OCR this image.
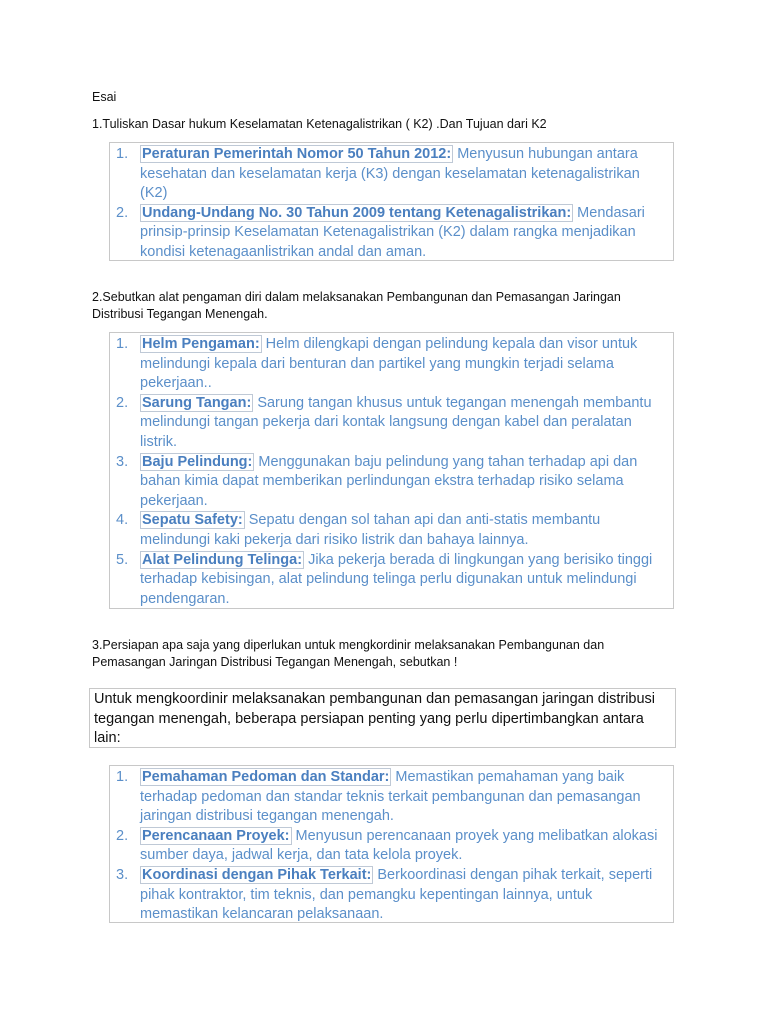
Esai

1.Tuliskan Dasar hukum Keselamatan Ketenagalistrikan ( K2) .Dan Tujuan dari K2

1. Peraturan Pemerintah Nomor 50 Tahun 2012: Menyusun hubungan antara kesehatan dan keselamatan kerja (K3) dengan keselamatan ketenagalistrikan (K2)
2. Undang-Undang No. 30 Tahun 2009 tentang Ketenagalistrikan: Mendasari prinsip-prinsip Keselamatan Ketenagalistrikan (K2) dalam rangka menjadikan kondisi ketenagaanlistrikan andal dan aman.

2.Sebutkan alat pengaman diri dalam melaksanakan Pembangunan dan Pemasangan Jaringan

Distribusi Tegangan Menengah.

1. Helm Pengaman: Helm dilengkapi dengan pelindung kepala dan visor untuk melindungi kepala dari benturan dan partikel yang mungkin terjadi selama pekerjaan..
2. Sarung Tangan: Sarung tangan khusus untuk tegangan menengah membantu melindungi tangan pekerja dari kontak langsung dengan kabel dan peralatan listrik.
3. Baju Pelindung: Menggunakan baju pelindung yang tahan terhadap api dan bahan kimia dapat memberikan perlindungan ekstra terhadap risiko selama pekerjaan.
4. Sepatu Safety: Sepatu dengan sol tahan api dan anti-statis membantu melindungi kaki pekerja dari risiko listrik dan bahaya lainnya.
5. Alat Pelindung Telinga: Jika pekerja berada di lingkungan yang berisiko tinggi terhadap kebisingan, alat pelindung telinga perlu digunakan untuk melindungi pendengaran.

3.Persiapan apa saja yang diperlukan untuk mengkordinir melaksanakan Pembangunan dan

Pemasangan Jaringan Distribusi Tegangan Menengah, sebutkan !

Untuk mengkoordinir melaksanakan pembangunan dan pemasangan jaringan distribusi tegangan menengah, beberapa persiapan penting yang perlu dipertimbangkan antara lain:
1. Pemahaman Pedoman dan Standar: Memastikan pemahaman yang baik terhadap pedoman dan standar teknis terkait pembangunan dan pemasangan jaringan distribusi tegangan menengah.
2. Perencanaan Proyek: Menyusun perencanaan proyek yang melibatkan alokasi sumber daya, jadwal kerja, dan tata kelola proyek.
3. Koordinasi dengan Pihak Terkait: Berkoordinasi dengan pihak terkait, seperti pihak kontraktor, tim teknis, dan pemangku kepentingan lainnya, untuk memastikan kelancaran pelaksanaan.
